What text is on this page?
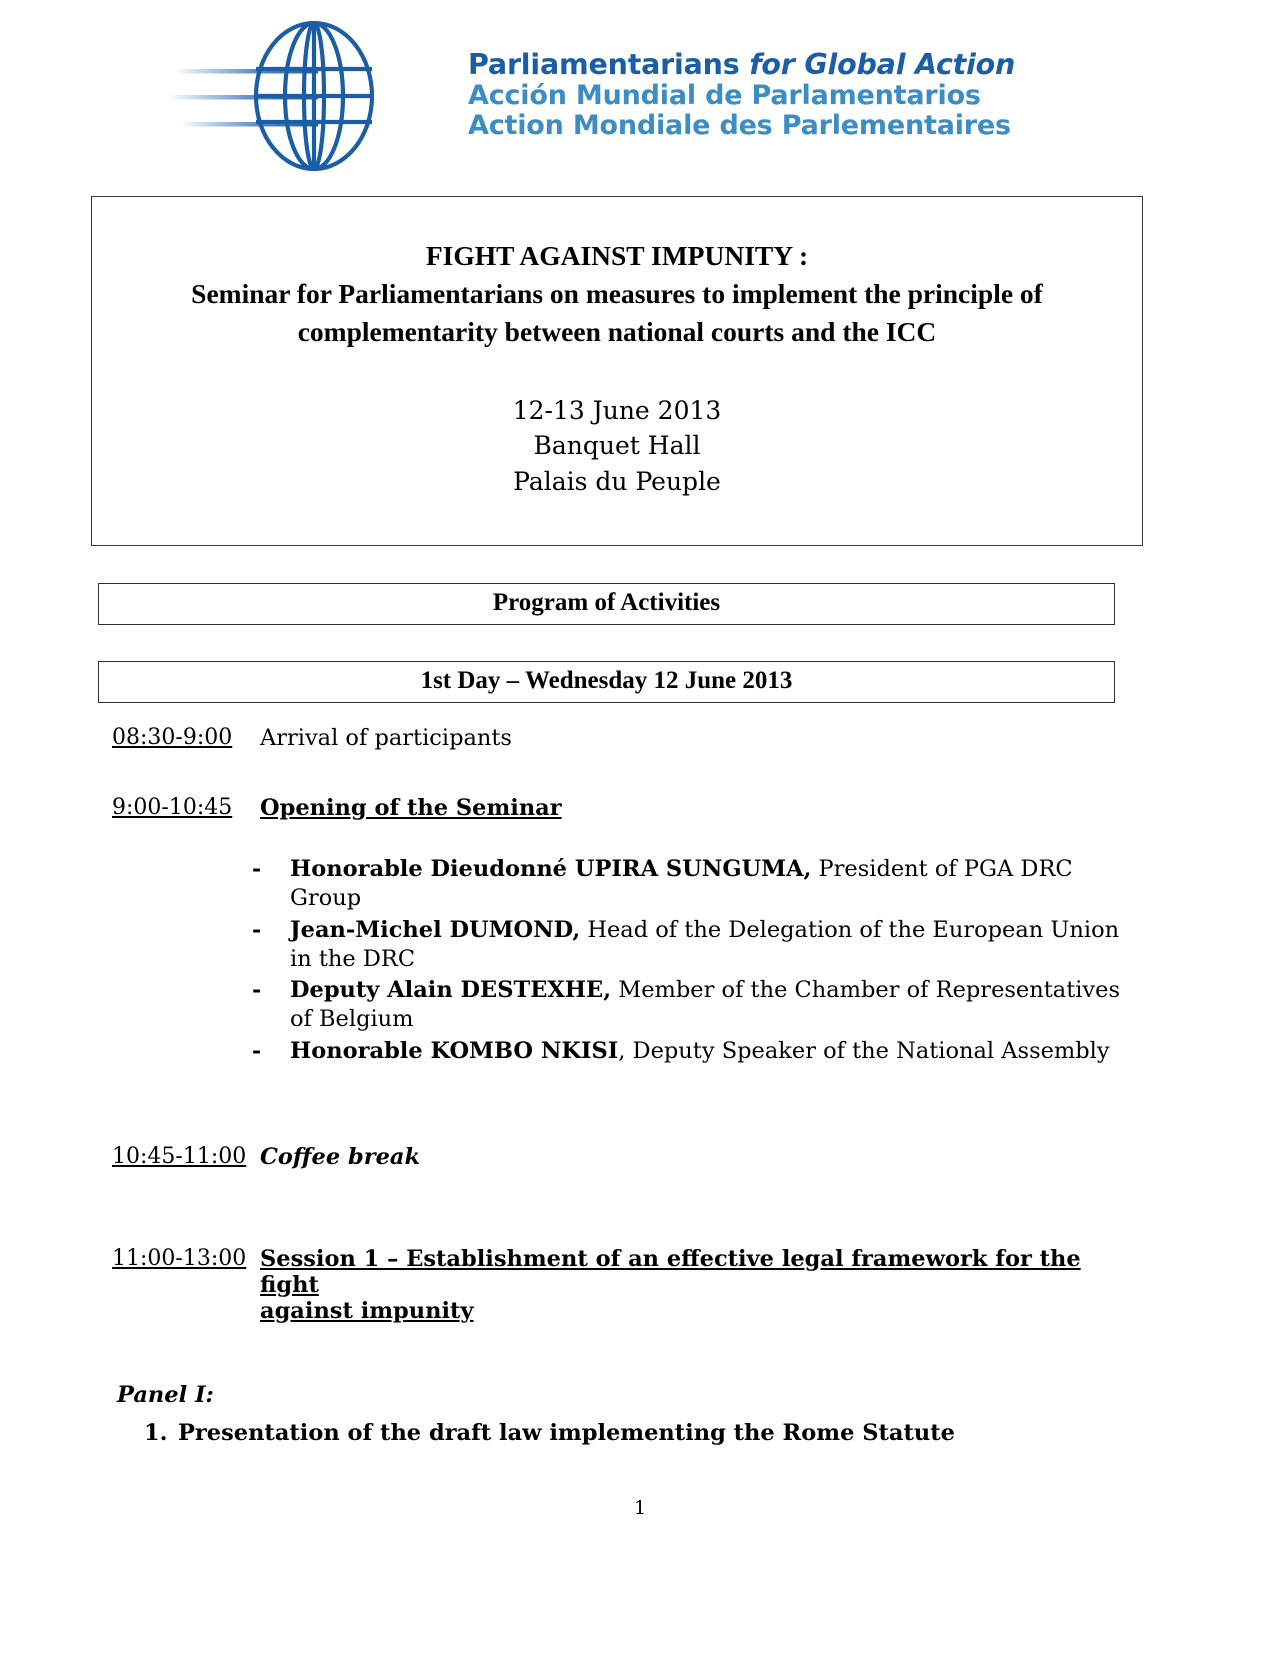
Parliamentarians for Global Action
Acción Mundial de Parlamentarios
Action Mondiale des Parlementaires
FIGHT AGAINST IMPUNITY :
Seminar for Parliamentarians on measures to implement the principle of
complementarity between national courts and the ICC
12-13 June 2013
Banquet Hall
Palais du Peuple
Program of Activities
1st Day – Wednesday 12 June 2013
08:30-9:00	Arrival of participants
9:00-10:45	Opening of the Seminar
-	Honorable Dieudonné UPIRA SUNGUMA, President of PGA DRC Group
-	Jean-Michel DUMOND, Head of the Delegation of the European Union in the DRC
-	Deputy Alain DESTEXHE, Member of the Chamber of Representatives of Belgium
-	Honorable KOMBO NKISI, Deputy Speaker of the National Assembly
10:45-11:00 Coffee break
11:00-13:00 Session 1 – Establishment of an effective legal framework for the fight
against impunity
Panel I:
1. Presentation of the draft law implementing the Rome Statute
1
